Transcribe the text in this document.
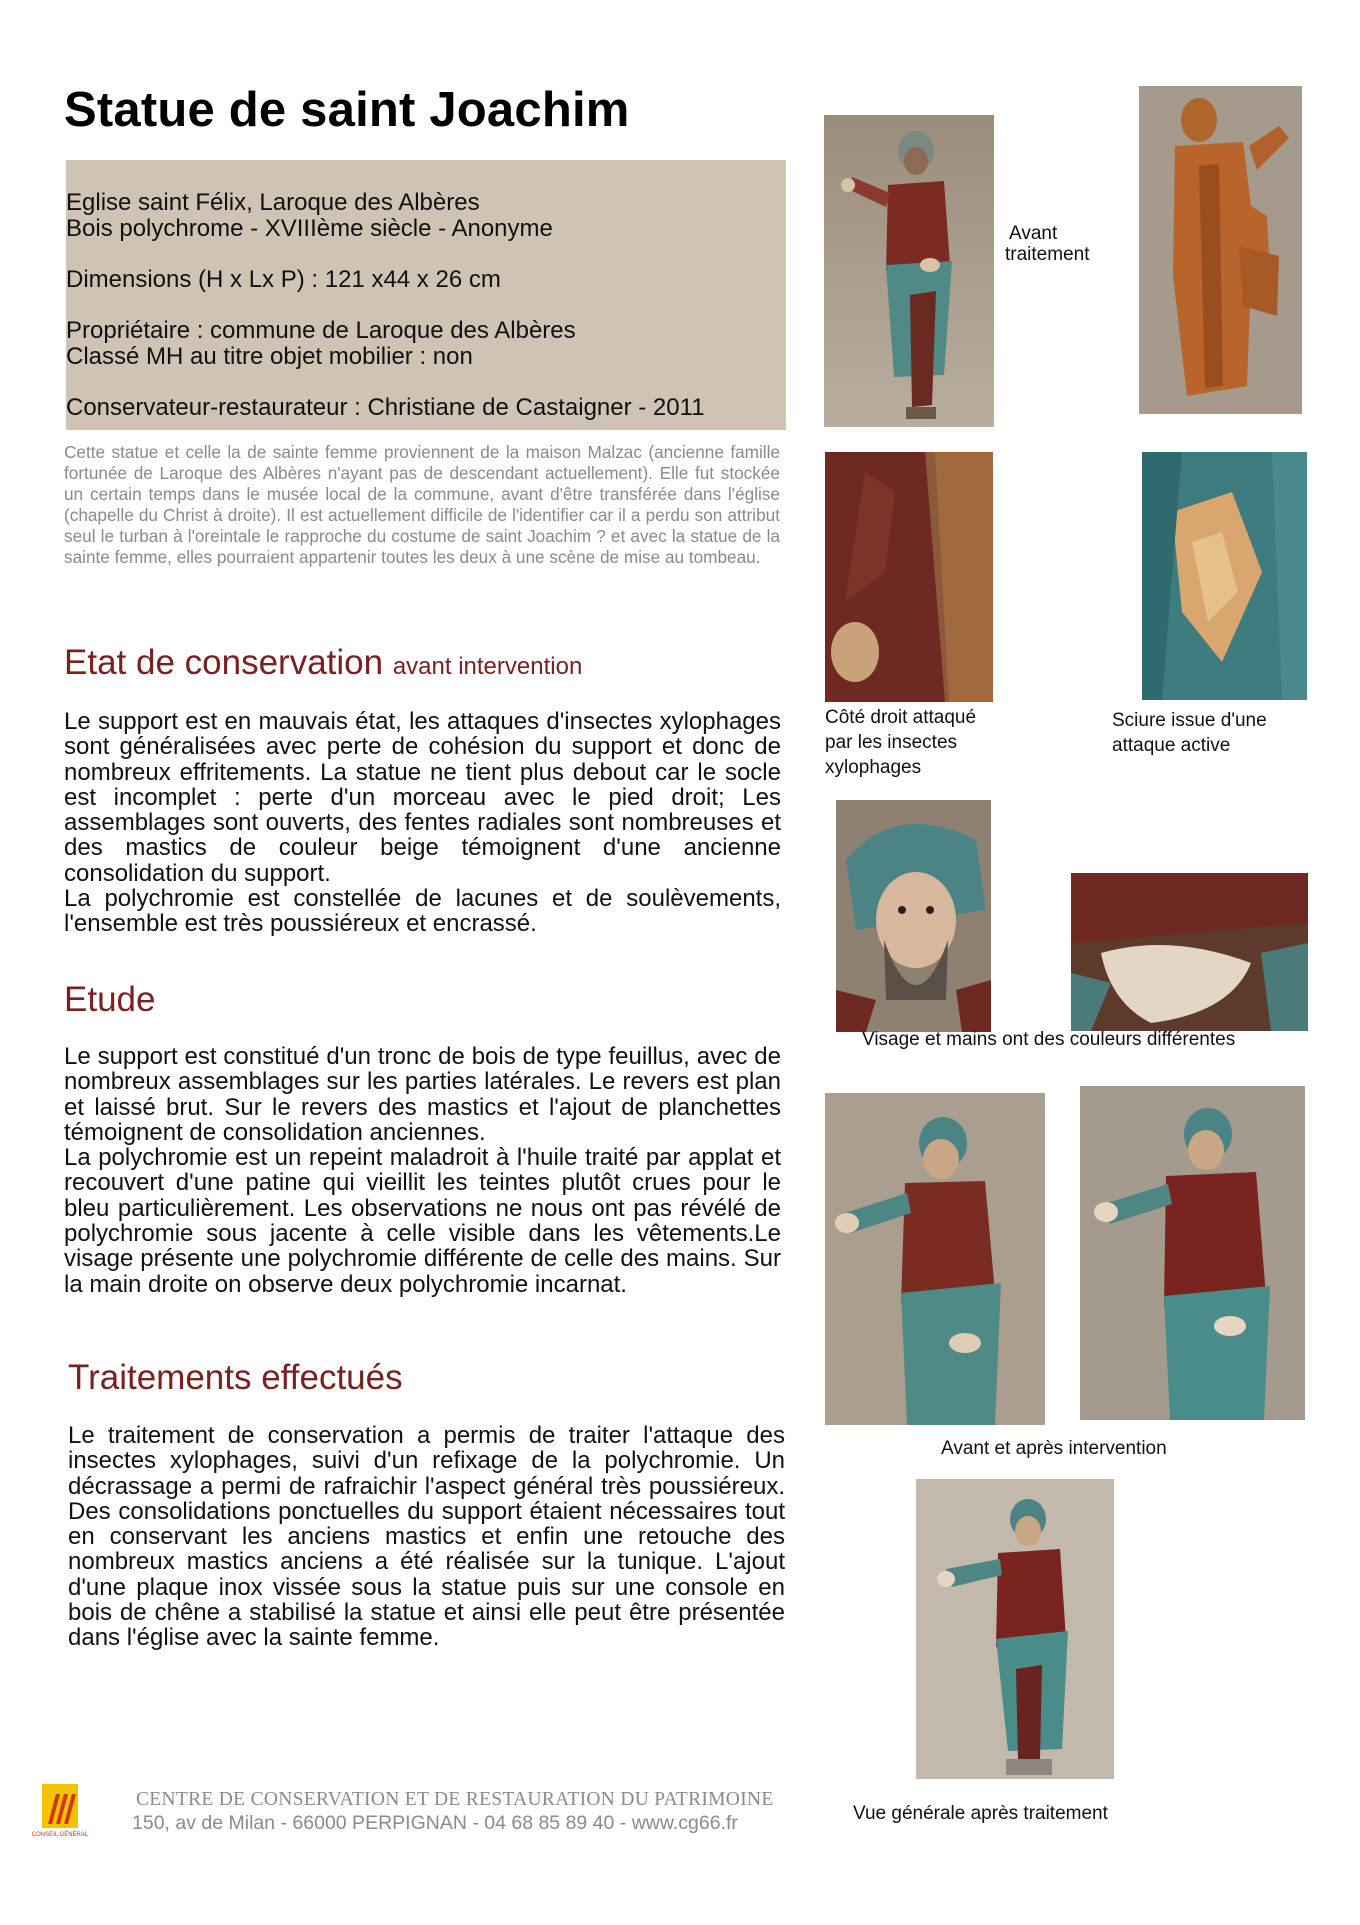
Statue de saint Joachim
Eglise saint Félix, Laroque des Albères
Bois polychrome - XVIIIème siècle - Anonyme
Dimensions (H x Lx P) : 121 x44 x 26 cm
Propriétaire : commune de Laroque des Albères
Classé MH au titre objet mobilier : non
Conservateur-restaurateur : Christiane de Castaigner - 2011
Cette statue et celle la de sainte femme proviennent de la maison Malzac (ancienne famille fortunée de Laroque des Albères n'ayant pas de descendant actuellement). Elle fut stockée un certain temps dans le musée local de la commune, avant d'être transférée dans l'église (chapelle du Christ à droite). Il est actuellement difficile de l'identifier car il a perdu son attribut seul le turban à l'oreintale le rapproche du costume de saint Joachim ? et avec la statue de la sainte femme, elles pourraient appartenir toutes les deux à une scène de mise au tombeau.
Etat de conservation avant intervention

Le support est en mauvais état, les attaques d'insectes xylophages sont généralisées avec perte de cohésion du support et donc de nombreux effritements. La statue ne tient plus debout car le socle est incomplet : perte d'un morceau avec le pied droit; Les assemblages sont ouverts, des fentes radiales sont nombreuses et des mastics de couleur beige témoignent d'une ancienne consolidation du support.

La polychromie est constellée de lacunes et de soulèvements, l'ensemble est très poussiéreux et encrassé.

Etude

Le support est constitué d'un tronc de bois de type feuillus, avec de nombreux assemblages sur les parties latérales. Le revers est plan et laissé brut. Sur le revers des mastics et l'ajout de planchettes témoignent de consolidation anciennes.

La polychromie est un repeint maladroit à l'huile traité par applat et recouvert d'une patine qui vieillit les teintes plutôt crues pour le bleu particulièrement. Les observations ne nous ont pas révélé de polychromie sous jacente à celle visible dans les vêtements.Le visage présente une polychromie différente de celle des mains. Sur la main droite on observe deux polychromie incarnat.

Traitements effectués

Le traitement de conservation a permis de traiter l'attaque des insectes xylophages, suivi d'un refixage de la polychromie. Un décrassage a permi de rafraichir l'aspect général très poussiéreux. Des consolidations ponctuelles du support étaient nécessaires tout en conservant les anciens mastics et enfin une retouche des nombreux mastics anciens a été réalisée sur la tunique. L'ajout d'une plaque inox vissée sous la statue puis sur une console en bois de chêne a stabilisé la statue et ainsi elle peut être présentée dans l'église avec la sainte femme.

Avant
traitement
Côté droit attaqué
par les insectes
xylophages
Sciure issue d'une
attaque active
Visage et mains ont des couleurs différentes
Avant et après intervention
Vue générale après traitement
CONSEIL GÉNÉRAL
CENTRE DE CONSERVATION ET DE RESTAURATION DU PATRIMOINE
150, av de Milan - 66000 PERPIGNAN - 04 68 85 89 40 - www.cg66.fr
